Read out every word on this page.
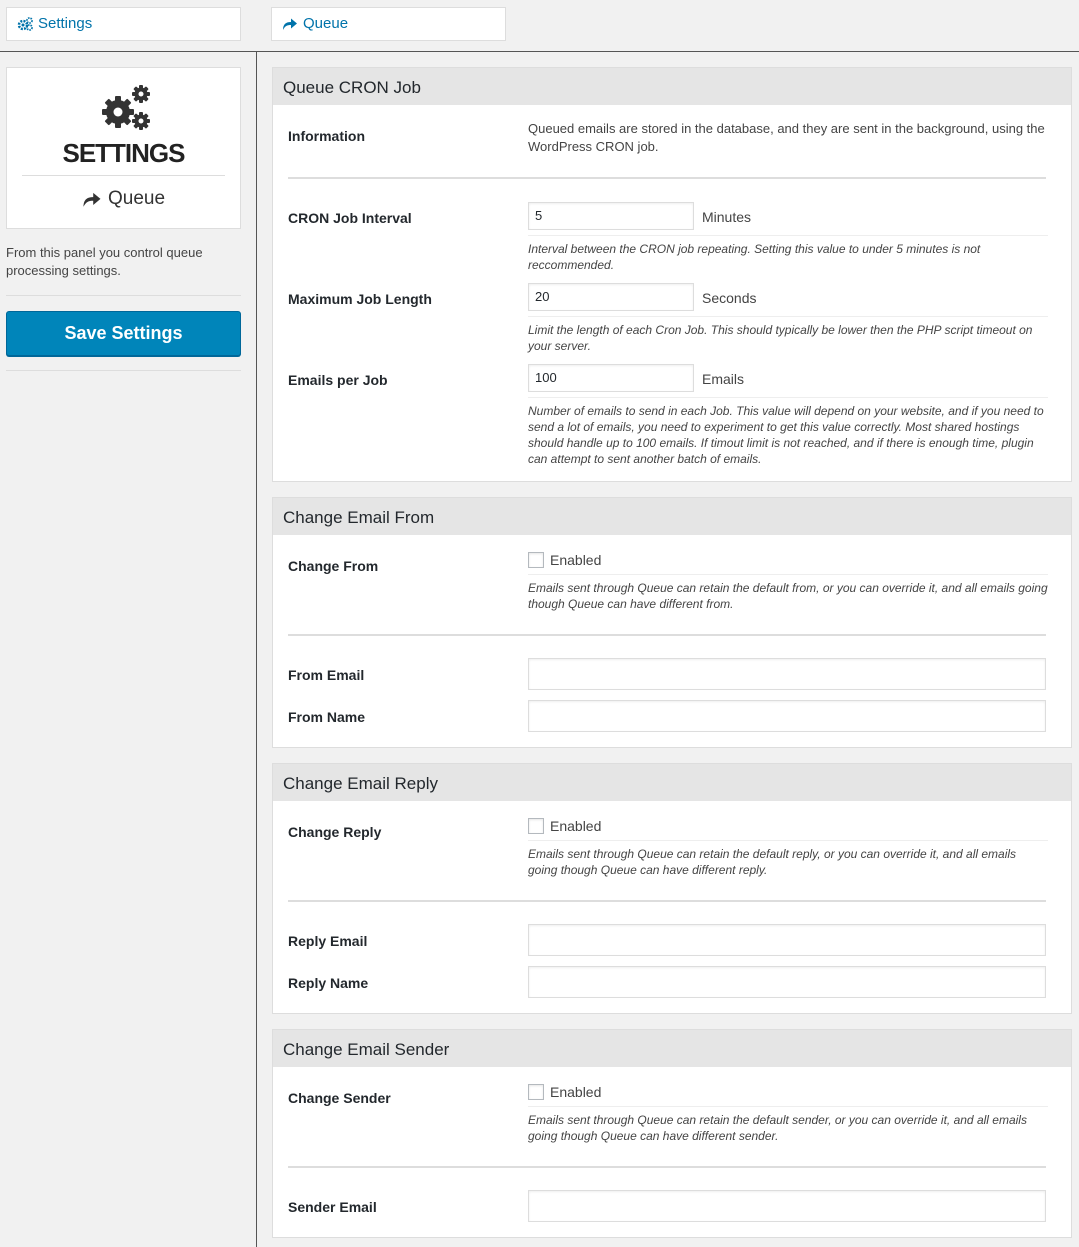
Settings	Queue
SETTINGS
Queue
From this panel you control queue processing settings.
Save Settings
Queue CRON Job
Information	Queued emails are stored in the database, and they are sent in the background, using the WordPress CRON job.
CRON Job Interval	5	Minutes
Interval between the CRON job repeating. Setting this value to under 5 minutes is not reccommended.
Maximum Job Length	20	Seconds
Limit the length of each Cron Job. This should typically be lower then the PHP script timeout on your server.
Emails per Job	100	Emails
Number of emails to send in each Job. This value will depend on your website, and if you need to send a lot of emails, you need to experiment to get this value correctly. Most shared hostings should handle up to 100 emails. If timout limit is not reached, and if there is enough time, plugin can attempt to sent another batch of emails.
Change Email From
Change From	Enabled
Emails sent through Queue can retain the default from, or you can override it, and all emails going though Queue can have different from.
From Email
From Name
Change Email Reply
Change Reply	Enabled
Emails sent through Queue can retain the default reply, or you can override it, and all emails going though Queue can have different reply.
Reply Email
Reply Name
Change Email Sender
Change Sender	Enabled
Emails sent through Queue can retain the default sender, or you can override it, and all emails going though Queue can have different sender.
Sender Email
